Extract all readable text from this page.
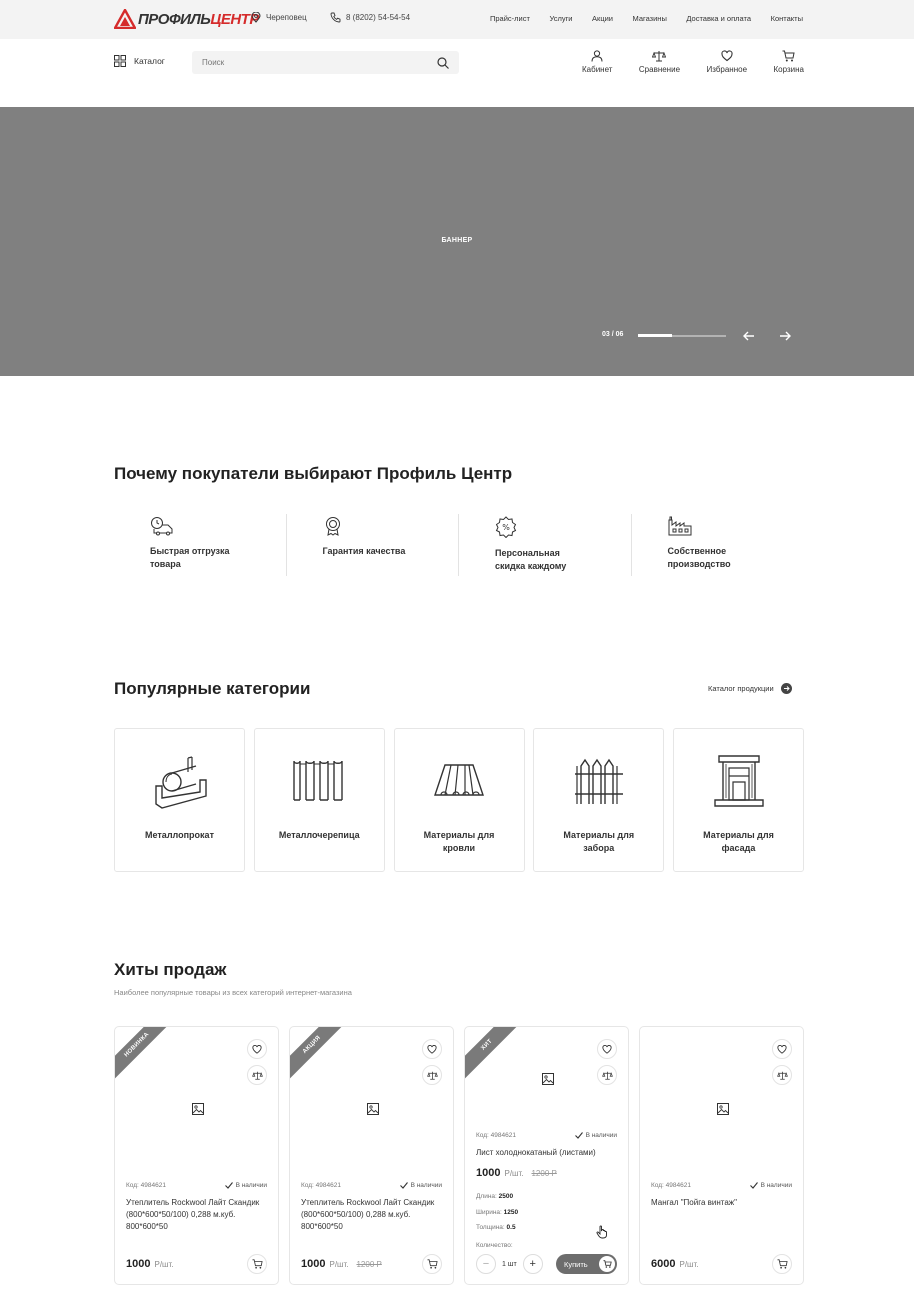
ПРОФИЛЬЦЕНТР Череповец	8 (8202) 54-54-54	Прайс-лист	Услуги	Акции	Магазины	Доставка и оплата	Контакты
Каталог
Поиск
Кабинет	Сравнение	Избранное	Корзина
БАННЕР
03 / 06
Почему покупатели выбирают Профиль Центр
Быстрая отгрузка
товара
Гарантия качества

%
Персональная
скидка каждому
Собственное
производство
Популярные категории	Каталог продукции
Металлопрокат	Металлочерепица	Материалы для
кровли
Материалы для
забора
Материалы для
фасада
Хиты продаж
Наиболее популярные товары из всех категорий интернет-магазина
НОВИНКА
Код: 4984621	В наличии
Утеплитель Rockwool Лайт Скандик (800*600*50/100) 0,288 м.куб. 800*600*50
1000 Р/шт.
АКЦИЯ
Код: 4984621	В наличии
Утеплитель Rockwool Лайт Скандик (800*600*50/100) 0,288 м.куб. 800*600*50
1000 Р/шт. 1200 Р
ХИТ
Код: 4984621	В наличии
Лист холоднокатаный (листами)
1000 Р/шт. 1200 Р
Длина: 2500
Ширина: 1250
Толщина: 0.5
Количество:
−	1 шт	+	Купить
Код: 4984621	В наличии
Мангал "Пойга винтаж"
6000 Р/шт.
